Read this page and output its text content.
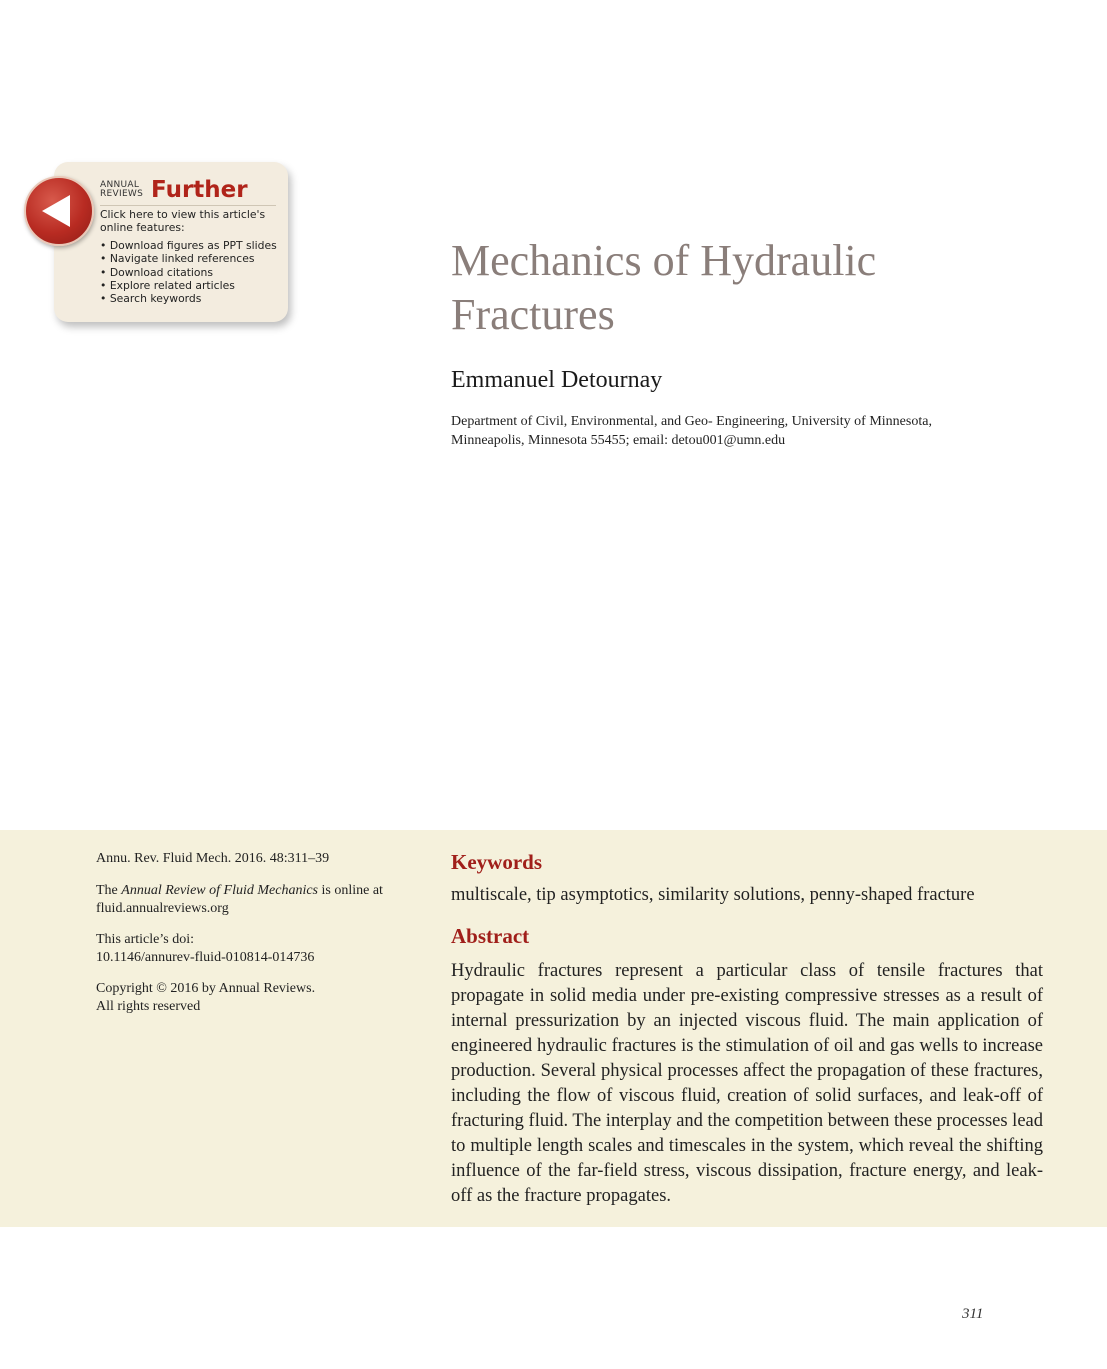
ANNUAL
REVIEWS Further
Click here to view this article's online features:
• Download figures as PPT slides
• Navigate linked references
• Download citations
• Explore related articles
• Search keywords
Mechanics of Hydraulic
Fractures
Emmanuel Detournay
Department of Civil, Environmental, and Geo- Engineering, University of Minnesota,
Minneapolis, Minnesota 55455; email: detou001@umn.edu

Annu. Rev. Fluid Mech. 2016. 48:311–39

The Annual Review of Fluid Mechanics is online at
fluid.annualreviews.org

This article’s doi:
10.1146/annurev-fluid-010814-014736

Copyright © 2016 by Annual Reviews.
All rights reserved

Keywords
multiscale, tip asymptotics, similarity solutions, penny-shaped fracture
Abstract
Hydraulic fractures represent a particular class of tensile fractures that propagate in solid media under pre-existing compressive stresses as a result of internal pressurization by an injected viscous fluid. The main application of engineered hydraulic fractures is the stimulation of oil and gas wells to increase production. Several physical processes affect the propagation of these fractures, including the flow of viscous fluid, creation of solid surfaces, and leak-off of fracturing fluid. The interplay and the competition between these processes lead to multiple length scales and timescales in the system, which reveal the shifting influence of the far-field stress, viscous dissipation, fracture energy, and leak-off as the fracture propagates.
311
